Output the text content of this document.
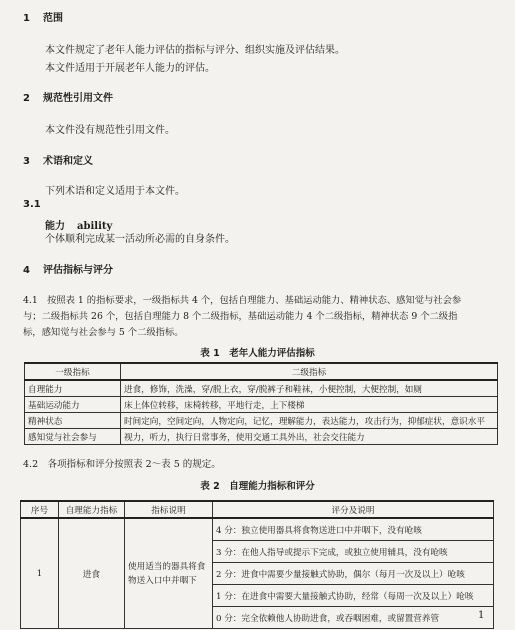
1 范围
本文件规定了老年人能力评估的指标与评分、组织实施及评估结果。
本文件适用于开展老年人能力的评估。
2 规范性引用文件
本文件没有规范性引用文件。
3 术语和定义
下列术语和定义适用于本文件。
3.1
能力 ability
个体顺利完成某一活动所必需的自身条件。
4 评估指标与评分
4.1　按照表 1 的指标要求，一级指标共 4 个，包括自理能力、基础运动能力、精神状态、感知觉与社会参
与；二级指标共 26 个，包括自理能力 8 个二级指标，基础运动能力 4 个二级指标，精神状态 9 个二级指
标，感知觉与社会参与 5 个二级指标。
表 1　老年人能力评估指标
一级指标	二级指标
自理能力	进食，修饰，洗澡，穿/脱上衣，穿/脱裤子和鞋袜，小便控制，大便控制，如厕
基础运动能力	床上体位转移，床椅转移，平地行走，上下楼梯
精神状态	时间定向，空间定向，人物定向，记忆，理解能力，表达能力，攻击行为，抑郁症状，意识水平
感知觉与社会参与	视力，听力，执行日常事务，使用交通工具外出，社会交往能力
4.2　各项指标和评分按照表 2～表 5 的规定。
表 2　自理能力指标和评分
序号	自理能力指标	指标说明	评分及说明
1	进食	使用适当的器具将食物送入口中并咽下	4 分：独立使用器具将食物送进口中并咽下，没有呛咳
			3 分：在他人指导或提示下完成，或独立使用辅具，没有呛咳
			2 分：进食中需要少量接触式协助，偶尔（每月一次及以上）呛咳
			1 分：在进食中需要大量接触式协助，经常（每周一次及以上）呛咳
			0 分：完全依赖他人协助进食，或吞咽困难，或留置营养管	1
